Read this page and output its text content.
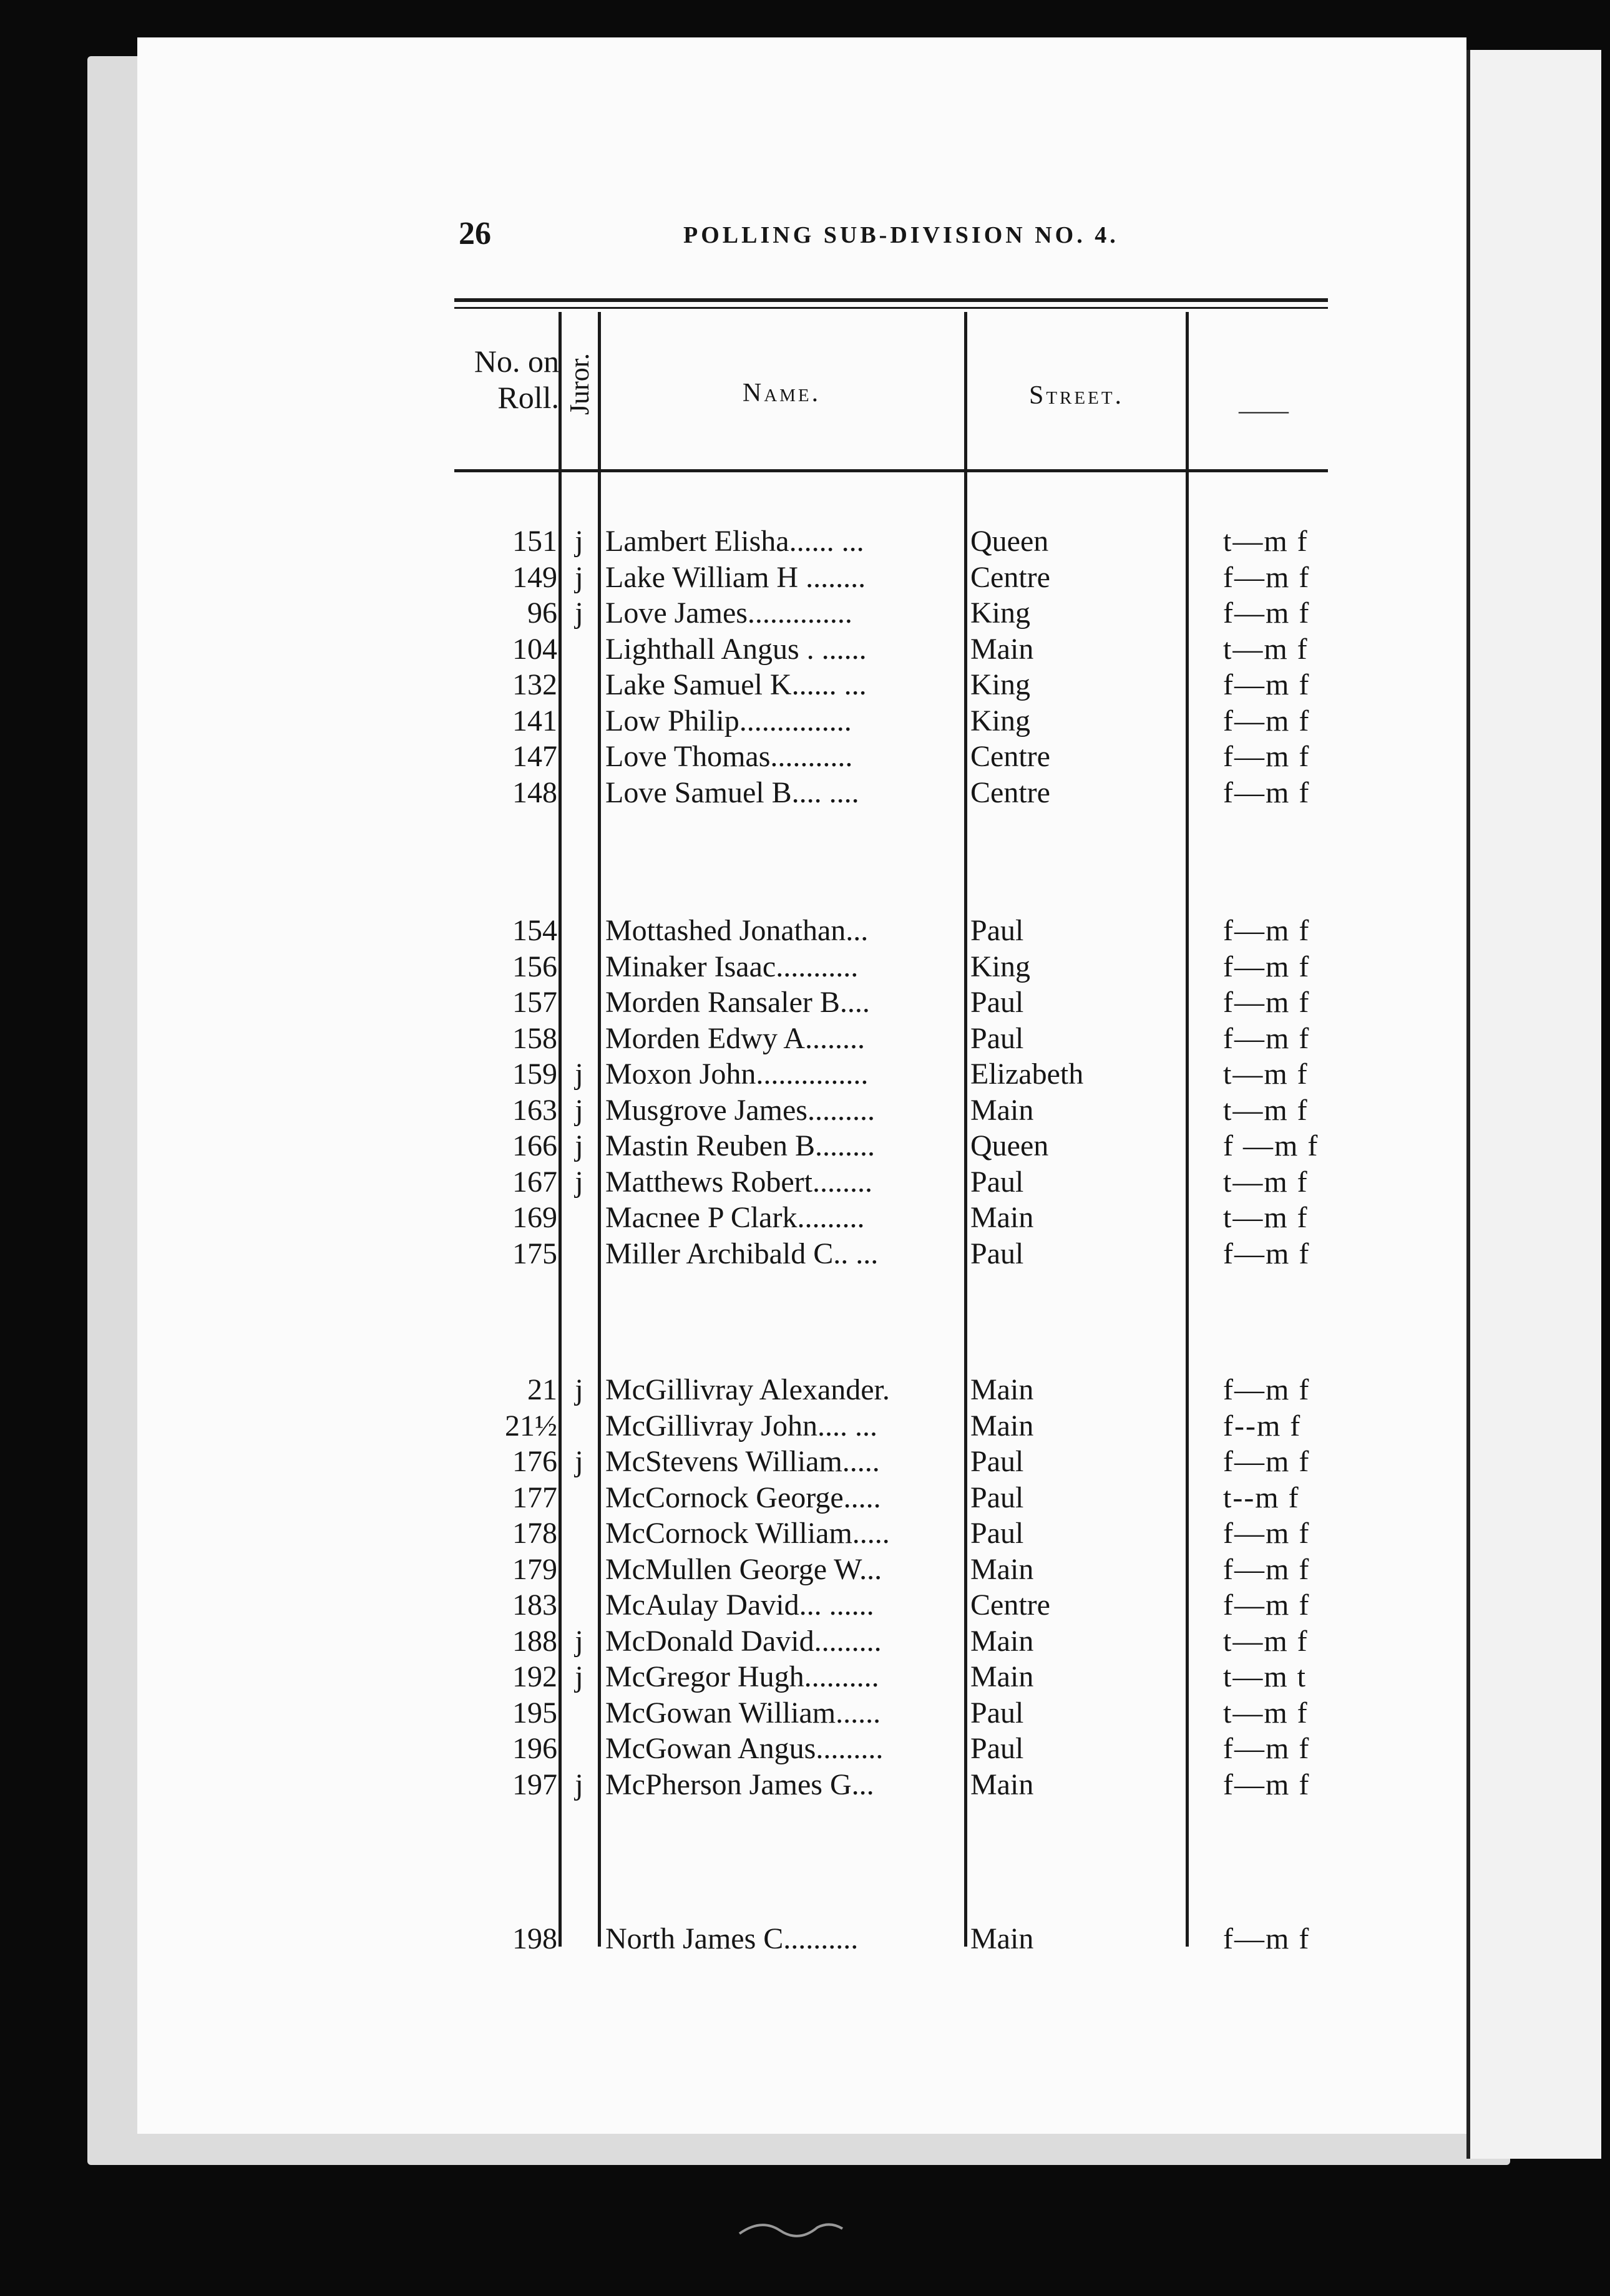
26	POLLING SUB-DIVISION NO. 4.
No. on Roll. Juror.	Name.	Street.
——
151 j Lambert Elisha...... ...	Queen	t—m f
149 j Lake William H ........	Centre	f—m f
96 j Love James..............	King	f—m f
104 Lighthall Angus . ......	Main	t—m f
132 Lake Samuel K...... ...	King	f—m f
141 Low Philip...............	King	f—m f
147 Love Thomas...........	Centre	f—m f
148 Love Samuel B.... ....	Centre	f—m f
154 Mottashed Jonathan...	Paul	f—m f
156 Minaker Isaac...........	King	f—m f
157 Morden Ransaler B....	Paul	f—m f
158 Morden Edwy A........	Paul	f—m f
159 j Moxon John...............	Elizabeth	t—m f
163 j Musgrove James.........	Main	t—m f
166 j Mastin Reuben B........	Queen	f —m f
167 j Matthews Robert........	Paul	t—m f
169 Macnee P Clark.........	Main	t—m f
175 Miller Archibald C.. ...	Paul	f—m f
21 j McGillivray Alexander.	Main	f—m f
21½ McGillivray John.... ...	Main	f--m f
176 j McStevens William.....	Paul	f—m f
177 McCornock George.....	Paul	t--m f
178 McCornock William.....	Paul	f—m f
179 McMullen George W...	Main	f—m f
183 McAulay David... ......	Centre	f—m f
188 j McDonald David.........	Main	t—m f
192 j McGregor Hugh..........	Main	t—m t
195 McGowan William......	Paul	t—m f
196 McGowan Angus.........	Paul	f—m f
197 j McPherson James G...	Main	f—m f
198 North James C..........	Main	f—m f
